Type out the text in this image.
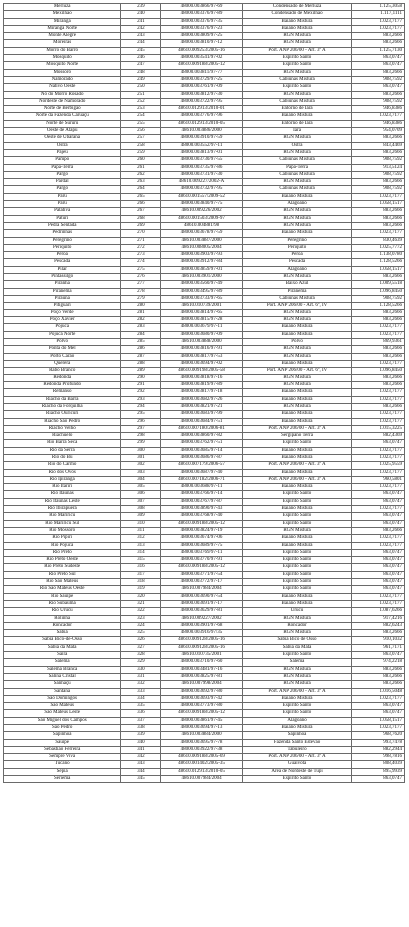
Merluza	239	48000.003866/97-69	Condensado de Merluza	1.125,3058
Mexilhão	240	48000.003376/97-89	Condensado de Mexilhão	1.117,1111
Miranga	241	48000.003376/97-35	Baiano Mistura	1.023,7177
Miranga Norte	242	48000.003376/97-23	Baiano Mistura	1.023,7177
Monte Alegre	243	48000.003809/97-25	RGN Mistura	883,2666
Moreiras	244	48000.003810/97-12	RGN Mistura	883,2666
Morro do Barro	245	48610.009253/2005-16	Port. ANP 206/00 - Art. 3º A	1.125,7130
Mosquito	246	48000.003541/97-02	Espírito Santo	863,0747
Mosquito Norte	247	48610.009188/2005-12	Espírito Santo	863,0747
Mossoró	248	48000.003811/97-77	RGN Mistura	883,2666
Namorado	249	48000.003729/97-25	Cabiúnas Mistura	908,7592
Nativo Oeste	250	48000.003761/97-09	Espírito Santo	863,0747
Nó do Morro Rosado	251	48000.003812/97-30	RGN Mistura	883,2666
Nordeste de Namorado	252	48000.003722/97-95	Cabiúnas Mistura	908,7592
Norte de Berbigão	253	48610.012913/2010-01	Entorno de Iara	946,8386
Norte da Fazenda Caruaçu	254	48000.003776/97-96	Baiano Mistura	1.023,7177
Norte de Sururu	255	48610.012913/2010-05	Entorno de Iara	946,8386
Oeste de Atapu	256	48610.003886/2000	Iara	954,0709
Oeste de Ubarana	257	48000.003910/97-59	RGN Mistura	883,2666
Ostra	258	48000.003552/97-11	Ostra	843,4469
Pajeú	259	48000.003813/97-01	RGN Mistura	883,2666
Pampo	260	48000.003730/97-55	Cabiúnas Mistura	908,7592
Papa-Terra	261	48000.003735/97-86	Papa-Terra	913,5124
Pargo	262	48000.003731/97-30	Cabiúnas Mistura	908,7592
Pardal	263	48610.009227/2002-A	RGN Mistura	883,2666
Pargo	264	48000.003732/97-95	Cabiúnas Mistura	908,7592
Paru	265	48610.001557/2009-52	Baiano Mistura	1.023,7177
Paru	266	48000.003840/97-75	Alagoano	1.058,1517
Patativa	267	48610.009226/2002	RGN Mistura	883,2666
Paturi	268	48610.001503/2009-97	RGN Mistura	883,2666
Pedra Sentada	269	48610.004881/98	RGN Mistura	883,2666
Pedrinhas	270	48000.003678/97-59	Baiano Mistura	1.023,7177
Peregrino	271	48610.003887/2000	Peregrino	830,4639
Periquito	272	48610.008005/2004	Periquito	1.025,7772
Peroá	273	48000.003903/97-93	Peroá	1.138,0780
Pescada	274	48000.003912/97-84	Pescada	1.128,5266
Pilar	275	48000.003859/97-01	Alagoano	1.058,1517
Pintassilgo	276	48610.003901/2000	RGN Mistura	883,2666
Piranha	277	48000.003560/97-49	Baixo Azul	1.009,5518
Piranema	278	48000.003495/97-89	Piranema	1.096,8450
Piraúna	279	48000.003733/97-65	Cabiúnas Mistura	908,7592
Pitiguari	280	48610.010739/2001	Port. ANP 206/00 - Art. 6º, IV	1.128,5266
Poço Verde	281	48000.003814/97-65	RGN Mistura	883,2666
Poço Xavier	282	48000.003815/97-28	RGN Mistura	883,2666
Pojuca	283	48000.003679/97-11	Baiano Mistura	1.023,7177
Pojuca Norte	284	48000.003680/97-09	Baiano Mistura	1.023,7177
Polvo	285	48610.003888/2000	Polvo	869,9361
Ponta do Mel	286	48000.003816/97-91	RGN Mistura	883,2666
Porto Carão	287	48000.003817/97-53	RGN Mistura	883,2666
Quererá	288	48000.003694/97-02	Baiano Mistura	1.023,7177
Rabo Branco	289	48610.009198/2005-58	Port. ANP 206/00 - Art. 6º, IV	1.096,8450
Redonda	290	48000.003818/97-16	RGN Mistura	883,2666
Redonda Profundo	291	48000.003819/97-89	RGN Mistura	883,2666
Remanso	292	48000.003817/97-18	Baiano Mistura	1.023,7177
Riacho da Barra	293	48000.003682/97-26	Baiano Mistura	1.023,7177
Riacho da Forquilha	294	48000.003821/97-21	RGN Mistura	883,2666
Riacho Ouricuri	295	48000.003683/97-99	Baiano Mistura	1.023,7177
Riacho São Pedro	296	48000.003684/97-51	Baiano Mistura	1.023,7177
Riacho Velho	297	48610.007180/2006-81	Port. ANP 206/00 - Art. 3º A	1.015,3225
Riachuelo	298	48000.003860/97-82	Sergipano Terra	882,4369
Rio Barra Seca	299	48000.003762/97-51	Espírito Santo	863,0747
Rio da Serra	300	48000.003685/97-14	Baiano Mistura	1.023,7177
Rio do Bu	301	48000.003686/97-87	Baiano Mistura	1.023,7177
Rio do Carmo	302	48610.007179/2006-57	Port. ANP 206/00 - Art. 3º A	1.025,9559
Rio dos Ovos	303	48000.003687/97-40	Baiano Mistura	1.023,7177
Rio Ipiranga	304	48610.007182/2006-71	Port. ANP 206/00 - Art. 3º A	960,5801
Rio Itariri	305	48000.003688/97-11	Baiano Mistura	1.023,7177
Rio Itaúnas	306	48000.003766/97-14	Espírito Santo	863,0747
Rio Itaúnas Leste	307	48000.003767/97-87	Espírito Santo	863,0747
Rio Ibirapuera	308	48000.003890/97-43	Baiano Mistura	1.023,7177
Rio Mariricu	309	48000.003768/97-40	Espírito Santo	863,0747
Rio Mariricu Sul	310	48610.009188/2005-12	Espírito Santo	863,0747
Rio Mossoró	311	48000.003824/97-19	RGN Mistura	883,2666
Rio Pipiri	312	48000.003674/97-06	Baiano Mistura	1.023,7177
Rio Pojuca	313	48000.003689/97-75	Baiano Mistura	1.023,7177
Rio Preto	314	48000.003769/97-11	Espírito Santo	863,0747
Rio Preto Oeste	315	48000.003770/97-91	Espírito Santo	863,0747
Rio Preto Sudeste	316	48610.009188/2005-12	Espírito Santo	863,0747
Rio Preto Sul	317	48000.003771/97-54	Espírito Santo	863,0747
Rio São Mateus	318	48000.003772/97-17	Espírito Santo	863,0747
Rio São Mateus Oeste	319	48610.007984/2004	Espírito Santo	863,0747
Rio Sauípe	320	48000.003690/97-54	Baiano Mistura	1.023,7177
Rio Subaúma	321	48000.003691/97-17	Baiano Mistura	1.023,7177
Rio Urucu	322	48000.003629/97-81	Urucu	1.087,6266
Rolinha	323	48610.009227/2002	RGN Mistura	917,4216
Roncador	324	48000.003901/97-68	Roncador	882,6243
Sabiá	325	48000.003916/97/35	RGN Mistura	883,2666
Sabiá Bico-de-Osso	326	48610.009128/2005-16	Sabiá Bico de Osso	910,1032
Sabiá da Mata	327	48610.009128/2005-16	Sabiá da Mata	961,7171
Saíra	328	48610.010735/2001	Espírito Santo	863,0747
Salema	329	48000.003710/97-60	Salema	974,2218
Salema Branca	330	48000.003481/97-16	RGN Mistura	883,2666
Salina Cristal	331	48000.003825/97-81	RGN Mistura	883,2666
Sanhaçu	332	48610.007998/2004	RGN Mistura	883,2666
Santana	333	48000.003692/97-80	Port. ANP 206/00 - Art. 3º A	1.016,5048
São Domingos	334	48000.003693/97-42	Baiano Mistura	1.023,7177
São Mateus	335	48000.003773/97-80	Espírito Santo	863,0747
São Mateus Leste	336	48610.009188/2005-12	Espírito Santo	863,0747
São Miguel dos Campos	337	48000.003861/97-45	Alagoano	1.058,1517
São Pedro	338	48000.003694/97-13	Baiano Mistura	1.023,7177
Sapinhoá	339	48610.003884/2000	Sapinhoá	968,7620
Sauipe	340	48000.003695/97-78	Fazenda Santo Estevão	993,7478
Sebastião Ferreira	341	48000.003922/97-38	Tabuleiro	882,2944
Sempre Viva	342	48610.009188/2005-69	Port. ANP 206/00 - Art. 3º A	998,7816
Tucano	343	48610.001402/2005-35	Guaivota	808,4039
Sépia	344	48610.012913/2010-05	Área de Nordeste de Tupi	895,9939
Seriema	345	48610.007984/2004	Espírito Santo	863,0747
